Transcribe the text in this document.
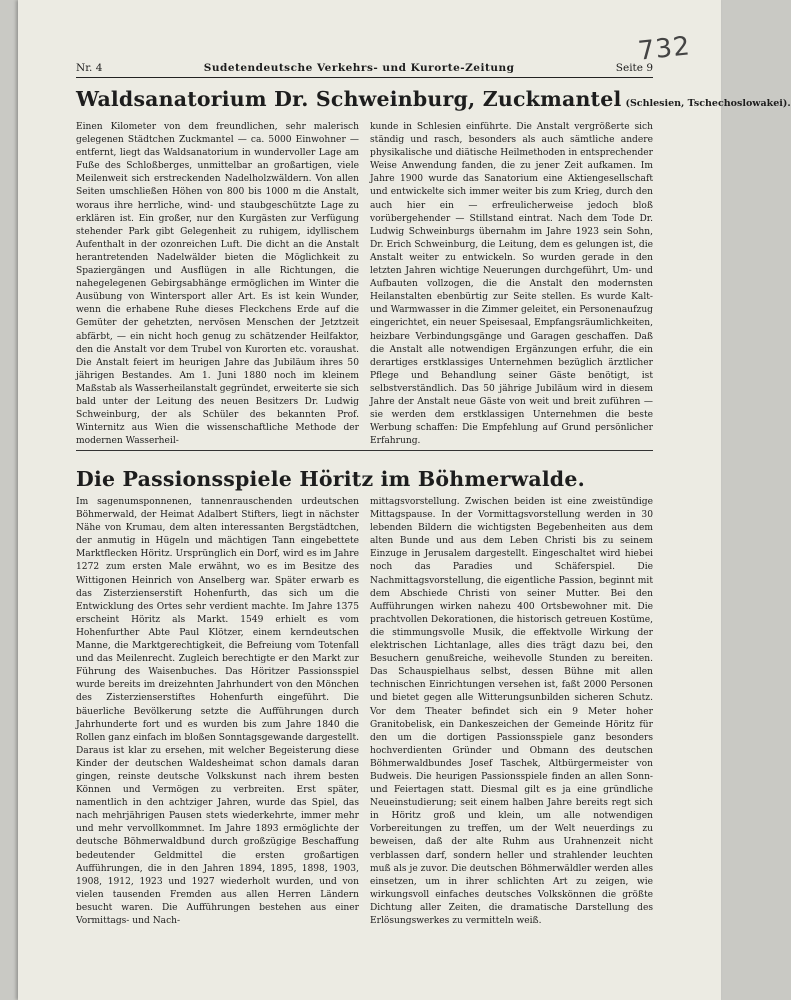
732
Nr. 4	Sudetendeutsche Verkehrs- und Kurorte-Zeitung	Seite 9
Waldsanatorium Dr. Schweinburg, Zuckmantel (Schlesien, Tschechoslowakei).

Einen Kilometer von dem freundlichen, sehr malerisch gelegenen Städtchen Zuckmantel — ca. 5000 Einwohner — entfernt, liegt das Waldsanatorium in wundervoller Lage am Fuße des Schloßberges, unmittelbar an großartigen, viele Meilenweit sich erstreckenden Nadelholzwäldern. Von allen Seiten umschließen Höhen von 800 bis 1000 m die Anstalt, woraus ihre herrliche, wind- und staubgeschützte Lage zu erklären ist. Ein großer, nur den Kurgästen zur Verfügung stehender Park gibt Gelegenheit zu ruhigem, idyllischem Aufenthalt in der ozonreichen Luft. Die dicht an die Anstalt herantretenden Nadelwälder bieten die Möglichkeit zu Spaziergängen und Ausflügen in alle Richtungen, die nahegelegenen Gebirgsabhänge ermöglichen im Winter die Ausübung von Wintersport aller Art. Es ist kein Wunder, wenn die erhabene Ruhe dieses Fleckchens Erde auf die Gemüter der gehetzten, nervösen Menschen der Jetztzeit abfärbt, — ein nicht hoch genug zu schätzender Heilfaktor, den die Anstalt vor dem Trubel von Kurorten etc. voraushat. Die Anstalt feiert im heurigen Jahre das Jubiläum ihres 50 jährigen Bestandes. Am 1. Juni 1880 noch im kleinem Maßstab als Wasserheilanstalt gegründet, erweiterte sie sich bald unter der Leitung des neuen Besitzers Dr. Ludwig Schweinburg, der als Schüler des bekannten Prof. Winternitz aus Wien die wissenschaftliche Methode der modernen Wasserheil-

kunde in Schlesien einführte. Die Anstalt vergrößerte sich ständig und rasch, besonders als auch sämtliche andere physikalische und diätische Heilmethoden in entsprechender Weise Anwendung fanden, die zu jener Zeit aufkamen. Im Jahre 1900 wurde das Sanatorium eine Aktiengesellschaft und entwickelte sich immer weiter bis zum Krieg, durch den auch hier ein — erfreulicherweise jedoch bloß vorübergehender — Stillstand eintrat. Nach dem Tode Dr. Ludwig Schweinburgs übernahm im Jahre 1923 sein Sohn, Dr. Erich Schweinburg, die Leitung, dem es gelungen ist, die Anstalt weiter zu entwickeln. So wurden gerade in den letzten Jahren wichtige Neuerungen durchgeführt, Um- und Aufbauten vollzogen, die die Anstalt den modernsten Heilanstalten ebenbürtig zur Seite stellen. Es wurde Kalt- und Warmwasser in die Zimmer geleitet, ein Personenaufzug eingerichtet, ein neuer Speisesaal, Empfangsräumlichkeiten, heizbare Verbindungsgänge und Garagen geschaffen. Daß die Anstalt alle notwendigen Ergänzungen erfuhr, die ein derartiges erstklassiges Unternehmen bezüglich ärztlicher Pflege und Behandlung seiner Gäste benötigt, ist selbstverständlich. Das 50 jährige Jubiläum wird in diesem Jahre der Anstalt neue Gäste von weit und breit zuführen — sie werden dem erstklassigen Unternehmen die beste Werbung schaffen: Die Empfehlung auf Grund persönlicher Erfahrung.

Die Passionsspiele Höritz im Böhmerwalde.

Im sagenumsponnenen, tannenrauschenden urdeutschen Böhmerwald, der Heimat Adalbert Stifters, liegt in nächster Nähe von Krumau, dem alten interessanten Bergstädtchen, der anmutig in Hügeln und mächtigen Tann eingebettete Marktflecken Höritz. Ursprünglich ein Dorf, wird es im Jahre 1272 zum ersten Male erwähnt, wo es im Besitze des Wittigonen Heinrich von Anselberg war. Später erwarb es das Zisterzienserstift Hohenfurth, das sich um die Entwicklung des Ortes sehr verdient machte. Im Jahre 1375 erscheint Höritz als Markt. 1549 erhielt es vom Hohenfurther Abte Paul Klötzer, einem kerndeutschen Manne, die Marktgerechtigkeit, die Befreiung vom Totenfall und das Meilenrecht. Zugleich berechtigte er den Markt zur Führung des Waisenbuches. Das Höritzer Passionsspiel wurde bereits im dreizehnten Jahrhundert von den Mönchen des Zisterzienserstiftes Hohenfurth eingeführt. Die bäuerliche Bevölkerung setzte die Aufführungen durch Jahrhunderte fort und es wurden bis zum Jahre 1840 die Rollen ganz einfach im bloßen Sonntagsgewande dargestellt. Daraus ist klar zu ersehen, mit welcher Begeisterung diese Kinder der deutschen Waldesheimat schon damals daran gingen, reinste deutsche Volkskunst nach ihrem besten Können und Vermögen zu verbreiten. Erst später, namentlich in den achtziger Jahren, wurde das Spiel, das nach mehrjährigen Pausen stets wiederkehrte, immer mehr und mehr vervollkommnet. Im Jahre 1893 ermöglichte der deutsche Böhmerwaldbund durch großzügige Beschaffung bedeutender Geldmittel die ersten großartigen Aufführungen, die in den Jahren 1894, 1895, 1898, 1903, 1908, 1912, 1923 und 1927 wiederholt wurden, und von vielen tausenden Fremden aus allen Herren Ländern besucht waren. Die Aufführungen bestehen aus einer Vormittags- und Nach-

mittagsvorstellung. Zwischen beiden ist eine zweistündige Mittagspause. In der Vormittagsvorstellung werden in 30 lebenden Bildern die wichtigsten Begebenheiten aus dem alten Bunde und aus dem Leben Christi bis zu seinem Einzuge in Jerusalem dargestellt. Eingeschaltet wird hiebei noch das Paradies und Schäferspiel. Die Nachmittagsvorstellung, die eigentliche Passion, beginnt mit dem Abschiede Christi von seiner Mutter. Bei den Aufführungen wirken nahezu 400 Ortsbewohner mit. Die prachtvollen Dekorationen, die historisch getreuen Kostüme, die stimmungsvolle Musik, die effektvolle Wirkung der elektrischen Lichtanlage, alles dies trägt dazu bei, den Besuchern genußreiche, weihevolle Stunden zu bereiten. Das Schauspielhaus selbst, dessen Bühne mit allen technischen Einrichtungen versehen ist, faßt 2000 Personen und bietet gegen alle Witterungsunbilden sicheren Schutz. Vor dem Theater befindet sich ein 9 Meter hoher Granitobelisk, ein Dankeszeichen der Gemeinde Höritz für den um die dortigen Passionsspiele ganz besonders hochverdienten Gründer und Obmann des deutschen Böhmerwaldbundes Josef Taschek, Altbürgermeister von Budweis. Die heurigen Passionsspiele finden an allen Sonn- und Feiertagen statt. Diesmal gilt es ja eine gründliche Neueinstudierung; seit einem halben Jahre bereits regt sich in Höritz groß und klein, um alle notwendigen Vorbereitungen zu treffen, um der Welt neuerdings zu beweisen, daß der alte Ruhm aus Urahnenzeit nicht verblassen darf, sondern heller und strahlender leuchten muß als je zuvor. Die deutschen Böhmerwäldler werden alles einsetzen, um in ihrer schlichten Art zu zeigen, wie wirkungsvoll einfaches deutsches Volkskönnen die größte Dichtung aller Zeiten, die dramatische Darstellung des Erlösungswerkes zu vermitteln weiß.
